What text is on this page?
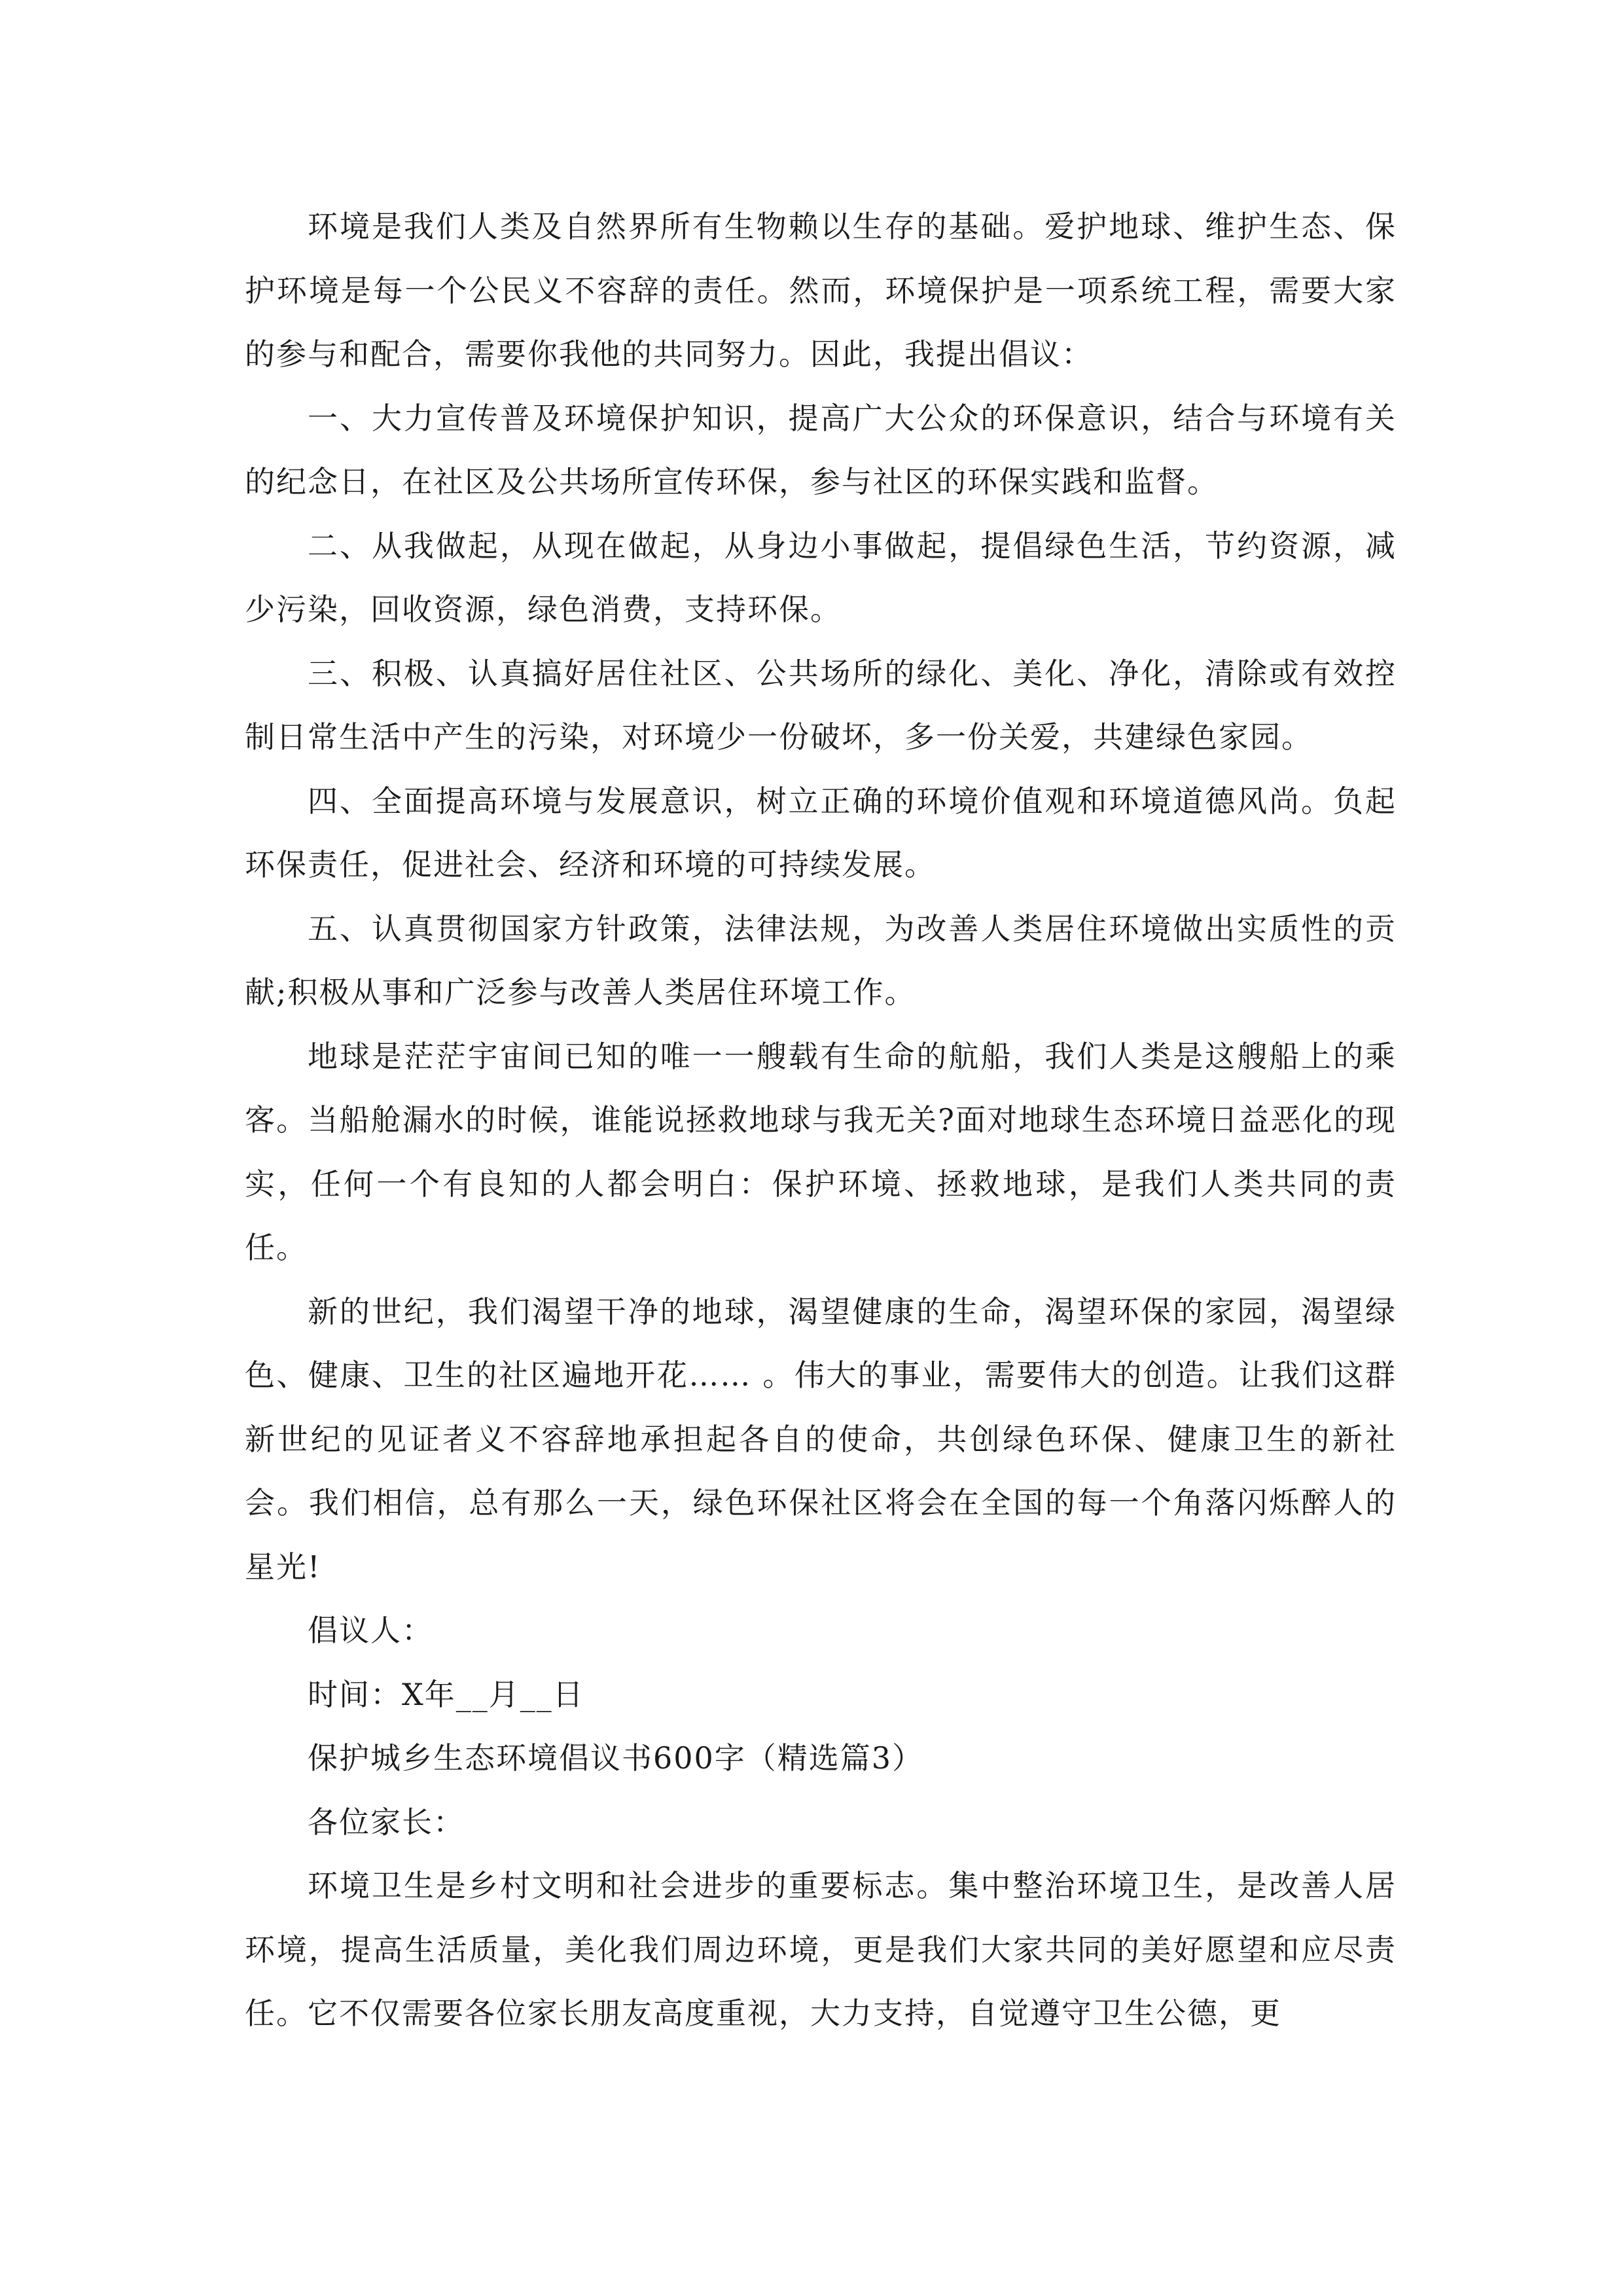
环境是我们人类及自然界所有生物赖以生存的基础。爱护地球、维护生态、保护环境是每一个公民义不容辞的责任。然而，环境保护是一项系统工程，需要大家的参与和配合，需要你我他的共同努力。因此，我提出倡议：

一、大力宣传普及环境保护知识，提高广大公众的环保意识，结合与环境有关的纪念日，在社区及公共场所宣传环保，参与社区的环保实践和监督。

二、从我做起，从现在做起，从身边小事做起，提倡绿色生活，节约资源，减少污染，回收资源，绿色消费，支持环保。

三、积极、认真搞好居住社区、公共场所的绿化、美化、净化，清除或有效控制日常生活中产生的污染，对环境少一份破坏，多一份关爱，共建绿色家园。

四、全面提高环境与发展意识，树立正确的环境价值观和环境道德风尚。负起环保责任，促进社会、经济和环境的可持续发展。

五、认真贯彻国家方针政策，法律法规，为改善人类居住环境做出实质性的贡献;积极从事和广泛参与改善人类居住环境工作。

地球是茫茫宇宙间已知的唯一一艘载有生命的航船，我们人类是这艘船上的乘客。当船舱漏水的时候，谁能说拯救地球与我无关?面对地球生态环境日益恶化的现实，任何一个有良知的人都会明白：保护环境、拯救地球，是我们人类共同的责任。

新的世纪，我们渴望干净的地球，渴望健康的生命，渴望环保的家园，渴望绿色、健康、卫生的社区遍地开花…… 。伟大的事业，需要伟大的创造。让我们这群新世纪的见证者义不容辞地承担起各自的使命，共创绿色环保、健康卫生的新社会。我们相信，总有那么一天，绿色环保社区将会在全国的每一个角落闪烁醉人的星光!

倡议人：

时间：X年__月__日

保护城乡生态环境倡议书600字（精选篇3）

各位家长：

环境卫生是乡村文明和社会进步的重要标志。集中整治环境卫生，是改善人居环境，提高生活质量，美化我们周边环境，更是我们大家共同的美好愿望和应尽责任。它不仅需要各位家长朋友高度重视，大力支持，自觉遵守卫生公德，更
